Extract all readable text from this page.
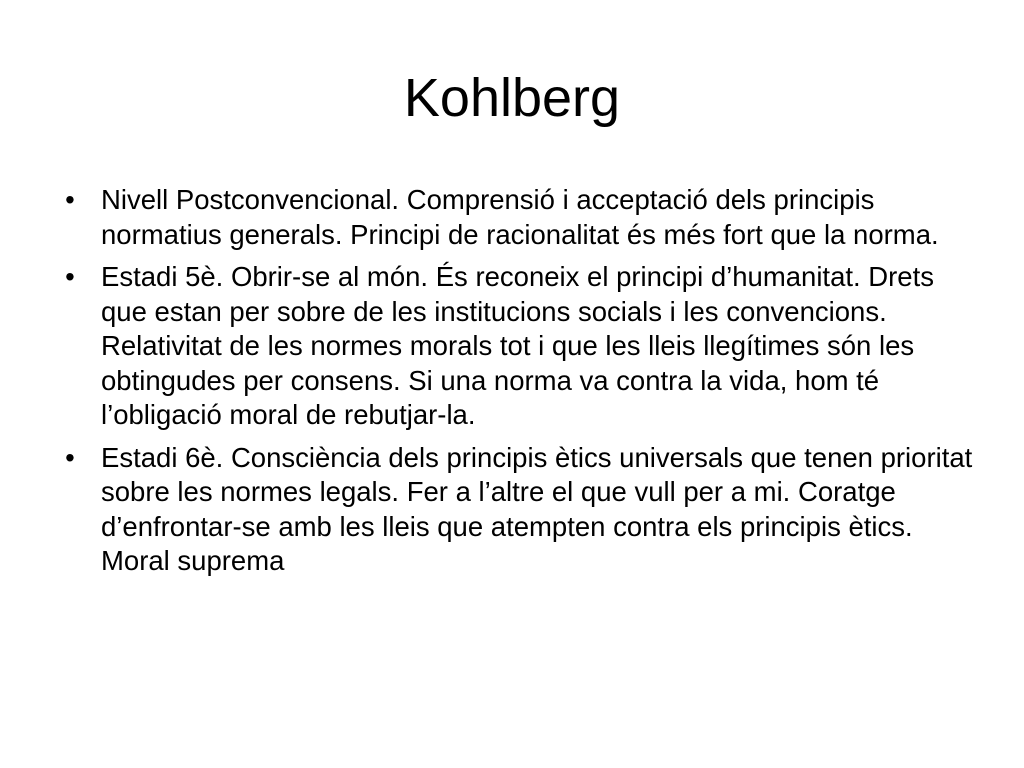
Kohlberg
• Nivell Postconvencional. Comprensió i acceptació dels principis normatius generals. Principi de racionalitat és més fort que la norma.
• Estadi 5è. Obrir-se al món. És reconeix el principi d’humanitat. Drets que estan per sobre de les institucions socials i les convencions. Relativitat de les normes morals tot i que les lleis llegítimes són les obtingudes per consens. Si una norma va contra la vida, hom té l’obligació moral de rebutjar-la.
• Estadi 6è. Consciència dels principis ètics universals que tenen prioritat sobre les normes legals. Fer a l’altre el que vull per a mi. Coratge d’enfrontar-se amb les lleis que atempten contra els principis ètics. Moral suprema
